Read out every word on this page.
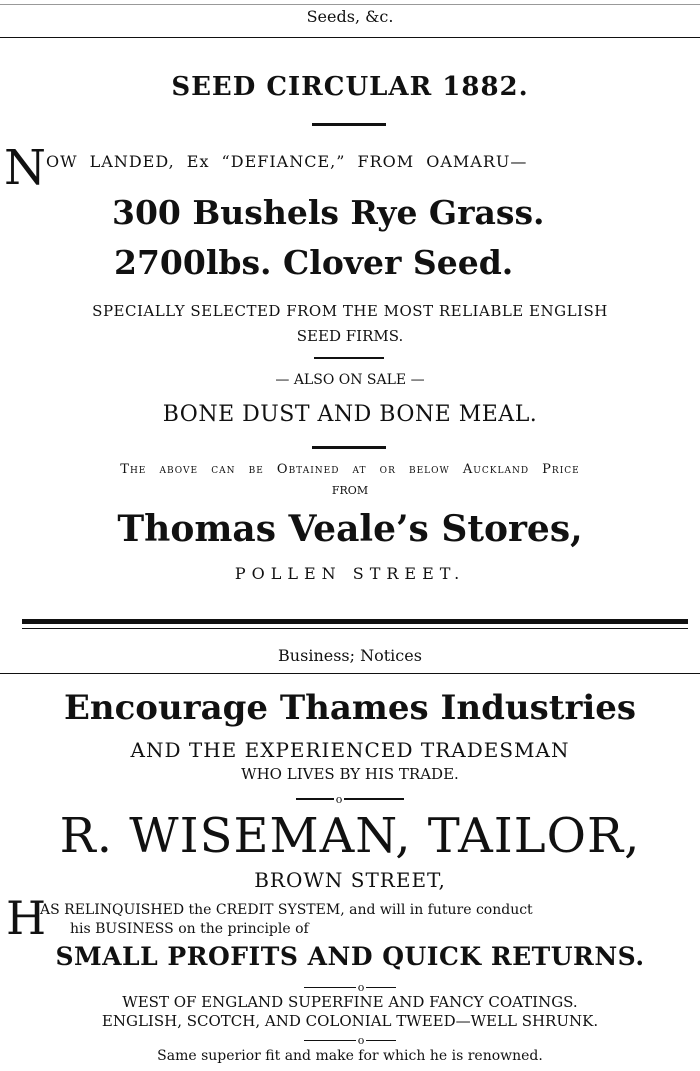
Seeds, &c.
SEED CIRCULAR 1882.
NOW LANDED, Ex “DEFIANCE,” FROM OAMARU—
300 Bushels Rye Grass.
2700lbs. Clover Seed.
SPECIALLY SELECTED FROM THE MOST RELIABLE ENGLISH
SEED FIRMS.
— ALSO ON SALE —
BONE DUST AND BONE MEAL.
The above can be Obtained at or below Auckland Price
FROM
Thomas Veale’s Stores,
POLLEN STREET.
Business; Notices
Encourage Thames Industries
AND THE EXPERIENCED TRADESMAN
WHO LIVES BY HIS TRADE.
o
R. WISEMAN, TAILOR,
BROWN STREET,
H
AS RELINQUISHED the CREDIT SYSTEM, and will in future conduct
his BUSINESS on the principle of
SMALL PROFITS AND QUICK RETURNS.
o
WEST OF ENGLAND SUPERFINE AND FANCY COATINGS.
ENGLISH, SCOTCH, AND COLONIAL TWEED—WELL SHRUNK.
o
Same superior fit and make for which he is renowned.
